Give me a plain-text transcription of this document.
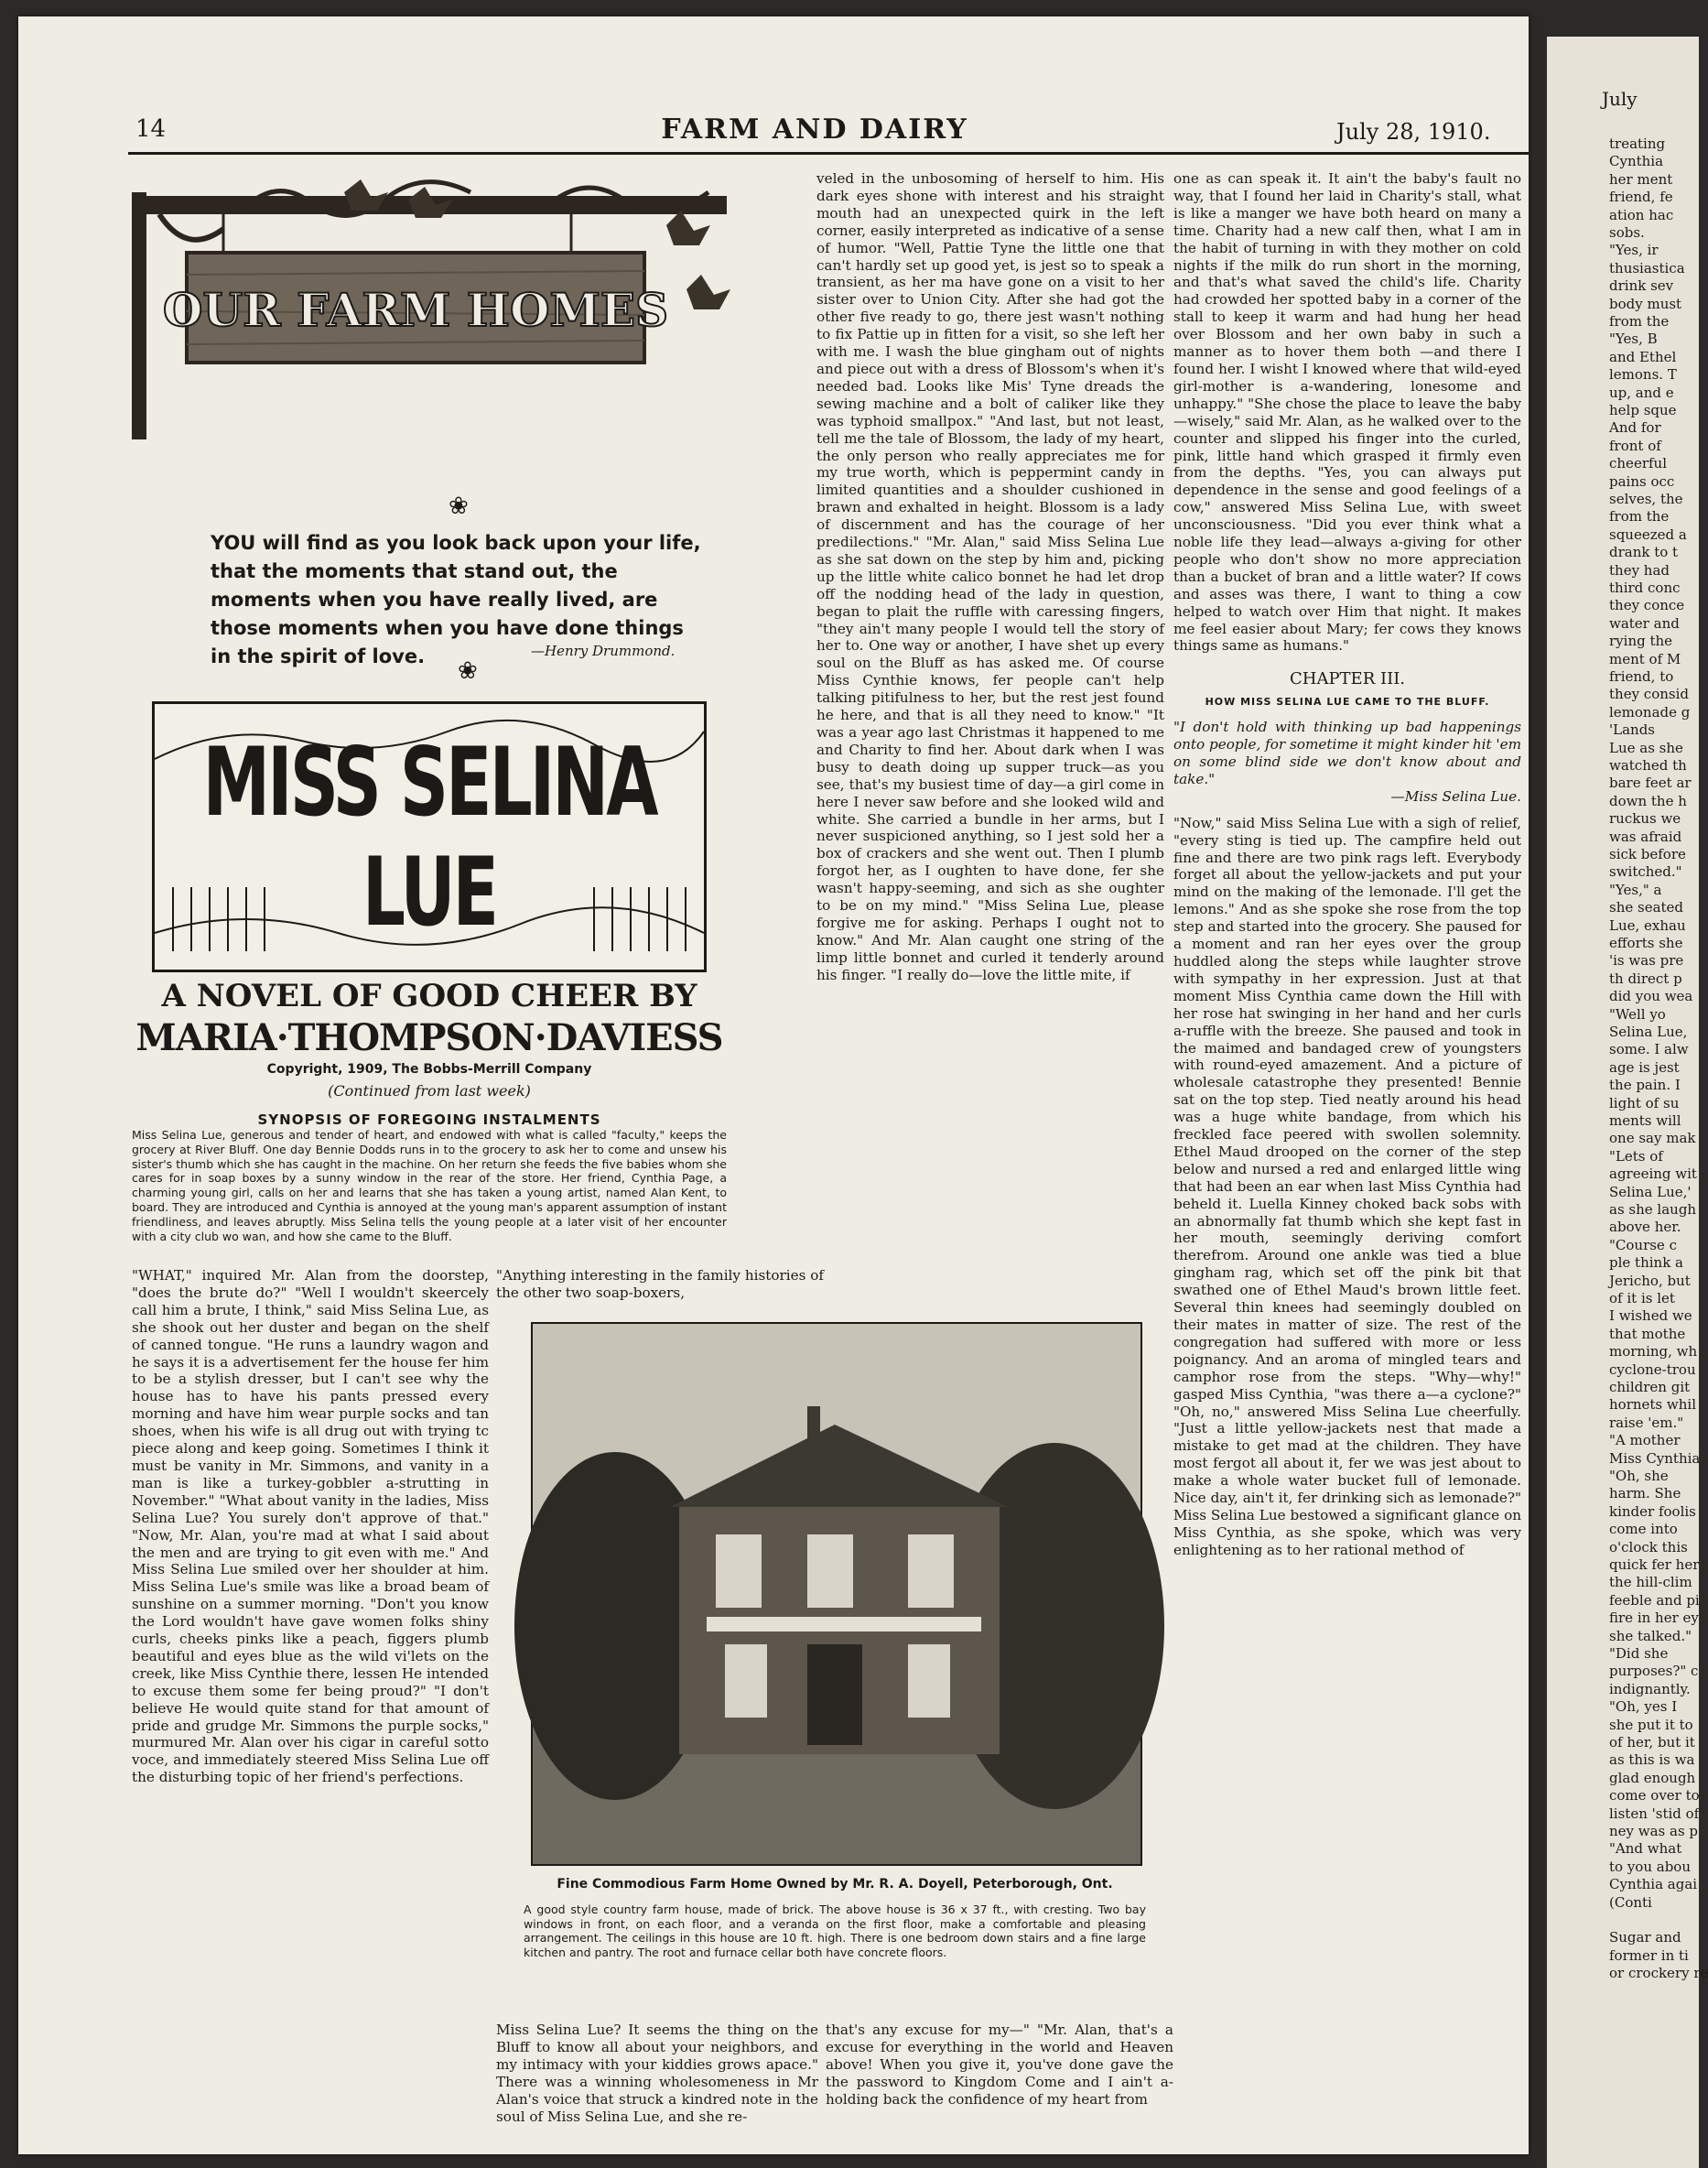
14	FARM AND DAIRY	July 28, 1910.
OUR FARM HOMES
❀
YOU will find as you look back upon your life, that the moments that stand out, the moments when you have really lived, are those moments when you have done things in the spirit of love.	—Henry Drummond.
❀
MISS SELINA LUE
A NOVEL OF GOOD CHEER BY
MARIA·THOMPSON·DAVIESS
Copyright, 1909, The Bobbs-Merrill Company
(Continued from last week)
SYNOPSIS OF FOREGOING INSTALMENTS
Miss Selina Lue, generous and tender of heart, and endowed with what is called "faculty," keeps the grocery at River Bluff. One day Bennie Dodds runs in to the grocery to ask her to come and unsew his sister's thumb which she has caught in the machine. On her return she feeds the five babies whom she cares for in soap boxes by a sunny window in the rear of the store. Her friend, Cynthia Page, a charming young girl, calls on her and learns that she has taken a young artist, named Alan Kent, to board. They are introduced and Cynthia is annoyed at the young man's apparent assumption of instant friendliness, and leaves abruptly. Miss Selina tells the young people at a later visit of her encounter with a city club wo wan, and how she came to the Bluff.

"WHAT," inquired Mr. Alan from the doorstep, "does the brute do?" "Well I wouldn't skeercely call him a brute, I think," said Miss Selina Lue, as she shook out her duster and began on the shelf of canned tongue. "He runs a laundry wagon and he says it is a advertisement fer the house fer him to be a stylish dresser, but I can't see why the house has to have his pants pressed every morning and have him wear purple socks and tan shoes, when his wife is all drug out with trying tc piece along and keep going. Sometimes I think it must be vanity in Mr. Simmons, and vanity in a man is like a turkey-gobbler a-strutting in November." "What about vanity in the ladies, Miss Selina Lue? You surely don't approve of that." "Now, Mr. Alan, you're mad at what I said about the men and are trying to git even with me." And Miss Selina Lue smiled over her shoulder at him. Miss Selina Lue's smile was like a broad beam of sunshine on a summer morning. "Don't you know the Lord wouldn't have gave women folks shiny curls, cheeks pinks like a peach, figgers plumb beautiful and eyes blue as the wild vi'lets on the creek, like Miss Cynthie there, lessen He intended to excuse them some fer being proud?" "I don't believe He would quite stand for that amount of pride and grudge Mr. Simmons the purple socks," murmured Mr. Alan over his cigar in careful sotto voce, and immediately steered Miss Selina Lue off the disturbing topic of her friend's perfections.

veled in the unbosoming of herself to him. His dark eyes shone with interest and his straight mouth had an unexpected quirk in the left corner, easily interpreted as indicative of a sense of humor. "Well, Pattie Tyne the little one that can't hardly set up good yet, is jest so to speak a transient, as her ma have gone on a visit to her sister over to Union City. After she had got the other five ready to go, there jest wasn't nothing to fix Pattie up in fitten for a visit, so she left her with me. I wash the blue gingham out of nights and piece out with a dress of Blossom's when it's needed bad. Looks like Mis' Tyne dreads the sewing machine and a bolt of caliker like they was typhoid smallpox." "And last, but not least, tell me the tale of Blossom, the lady of my heart, the only person who really appreciates me for my true worth, which is peppermint candy in limited quantities and a shoulder cushioned in brawn and exhalted in height. Blossom is a lady of discernment and has the courage of her predilections." "Mr. Alan," said Miss Selina Lue as she sat down on the step by him and, picking up the little white calico bonnet he had let drop off the nodding head of the lady in question, began to plait the ruffle with caressing fingers, "they ain't many people I would tell the story of her to. One way or another, I have shet up every soul on the Bluff as has asked me. Of course Miss Cynthie knows, fer people can't help talking pitifulness to her, but the rest jest found he here, and that is all they need to know." "It was a year ago last Christmas it happened to me and Charity to find her. About dark when I was busy to death doing up supper truck—as you see, that's my busiest time of day—a girl come in here I never saw before and she looked wild and white. She carried a bundle in her arms, but I never suspicioned anything, so I jest sold her a box of crackers and she went out. Then I plumb forgot her, as I oughten to have done, fer she wasn't happy-seeming, and sich as she oughter to be on my mind." "Miss Selina Lue, please forgive me for asking. Perhaps I ought not to know." And Mr. Alan caught one string of the limp little bonnet and curled it tenderly around his finger. "I really do—love the little mite, if

"Anything interesting in the family histories of the other two soap-boxers,

Fine Commodious Farm Home Owned by Mr. R. A. Doyell, Peterborough, Ont.
A good style country farm house, made of brick. The above house is 36 x 37 ft., with cresting. Two bay windows in front, on each floor, and a veranda on the first floor, make a comfortable and pleasing arrangement. The ceilings in this house are 10 ft. high. There is one bedroom down stairs and a fine large kitchen and pantry. The root and furnace cellar both have concrete floors.

Miss Selina Lue? It seems the thing on the Bluff to know all about your neighbors, and my intimacy with your kiddies grows apace." There was a winning wholesomeness in Mr Alan's voice that struck a kindred note in the soul of Miss Selina Lue, and she re-

that's any excuse for my—" "Mr. Alan, that's a excuse for everything in the world and Heaven above! When you give it, you've done gave the the password to Kingdom Come and I ain't a-holding back the confidence of my heart from

one as can speak it. It ain't the baby's fault no way, that I found her laid in Charity's stall, what is like a manger we have both heard on many a time. Charity had a new calf then, what I am in the habit of turning in with they mother on cold nights if the milk do run short in the morning, and that's what saved the child's life. Charity had crowded her spotted baby in a corner of the stall to keep it warm and had hung her head over Blossom and her own baby in such a manner as to hover them both —and there I found her. I wisht I knowed where that wild-eyed girl-mother is a-wandering, lonesome and unhappy." "She chose the place to leave the baby—wisely," said Mr. Alan, as he walked over to the counter and slipped his finger into the curled, pink, little hand which grasped it firmly even from the depths. "Yes, you can always put dependence in the sense and good feelings of a cow," answered Miss Selina Lue, with sweet unconsciousness. "Did you ever think what a noble life they lead—always a-giving for other people who don't show no more appreciation than a bucket of bran and a little water? If cows and asses was there, I want to thing a cow helped to watch over Him that night. It makes me feel easier about Mary; fer cows they knows things same as humans."

CHAPTER III.
HOW MISS SELINA LUE CAME TO THE BLUFF.

"I don't hold with thinking up bad happenings onto people, for sometime it might kinder hit 'em on some blind side we don't know about and take."

—Miss Selina Lue.

"Now," said Miss Selina Lue with a sigh of relief, "every sting is tied up. The campfire held out fine and there are two pink rags left. Everybody forget all about the yellow-jackets and put your mind on the making of the lemonade. I'll get the lemons." And as she spoke she rose from the top step and started into the grocery. She paused for a moment and ran her eyes over the group huddled along the steps while laughter strove with sympathy in her expression. Just at that moment Miss Cynthia came down the Hill with her rose hat swinging in her hand and her curls a-ruffle with the breeze. She paused and took in the maimed and bandaged crew of youngsters with round-eyed amazement. And a picture of wholesale catastrophe they presented! Bennie sat on the top step. Tied neatly around his head was a huge white bandage, from which his freckled face peered with swollen solemnity. Ethel Maud drooped on the corner of the step below and nursed a red and enlarged little wing that had been an ear when last Miss Cynthia had beheld it. Luella Kinney choked back sobs with an abnormally fat thumb which she kept fast in her mouth, seemingly deriving comfort therefrom. Around one ankle was tied a blue gingham rag, which set off the pink bit that swathed one of Ethel Maud's brown little feet. Several thin knees had seemingly doubled on their mates in matter of size. The rest of the congregation had suffered with more or less poignancy. And an aroma of mingled tears and camphor rose from the steps. "Why—why!" gasped Miss Cynthia, "was there a—a cyclone?" "Oh, no," answered Miss Selina Lue cheerfully. "Just a little yellow-jackets nest that made a mistake to get mad at the children. They have most fergot all about it, fer we was jest about to make a whole water bucket full of lemonade. Nice day, ain't it, fer drinking sich as lemonade?" Miss Selina Lue bestowed a significant glance on Miss Cynthia, as she spoke, which was very enlightening as to her rational method of

July
treating
Cynthia
her ment
friend, fe
ation hac
sobs.
"Yes, ir
thusiastica
drink sev
body must
from the
"Yes, B
and Ethel
lemons. T
up, and e
help sque
And for
front of
cheerful
pains occ
selves, the
from the
squeezed a
drank to t
they had
third conc
they conce
water and
rying the
ment of M
friend, to
they consid
lemonade g
'Lands
Lue as she
watched th
bare feet ar
down the h
ruckus we
was afraid
sick before
switched."
"Yes," a
she seated
Lue, exhau
efforts she
'is was pre
th direct p
did you wea
"Well yo
Selina Lue,
some. I alw
age is jest
the pain. I
light of su
ments will
one say mak
"Lets of
agreeing wit
Selina Lue,'
as she laugh
above her.
"Course c
ple think a
Jericho, but
of it is let
I wished we
that mothe
morning, wh
cyclone-trou
children git
hornets whil
raise 'em."
"A mother
Miss Cynthia
"Oh, she
harm. She
kinder foolis
come into
o'clock this
quick fer her
the hill-clim
feeble and pi
fire in her ey
she talked."
"Did she
purposes?" c
indignantly.
"Oh, yes I
she put it to
of her, but it
as this is wa
glad enough
come over to
listen 'stid of
ney was as p
"And what
to you abou
Cynthia agai
(Conti
Sugar and
former in ti
or crockery re
